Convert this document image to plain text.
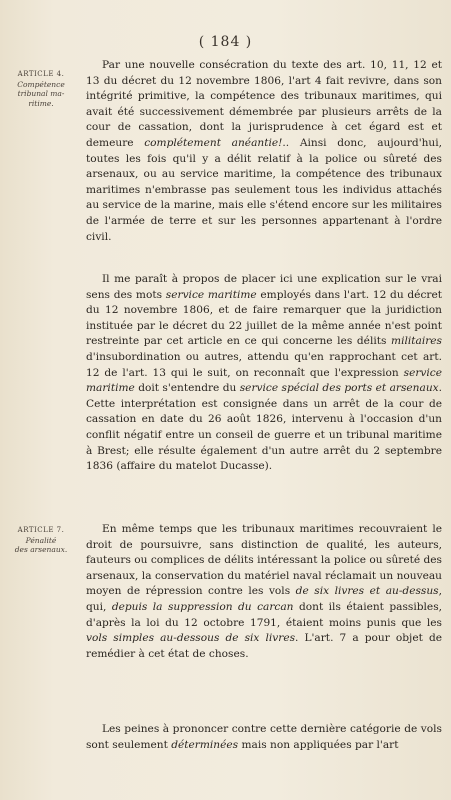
( 184 )
ARTICLE 4.
Compétence
tribunal ma-
ritime.
ARTICLE 7.
Pénalité
des arsenaux.

Par une nouvelle consécration du texte des art. 10, 11, 12 et 13 du décret du 12 novembre 1806, l'art 4 fait revivre, dans son intégrité primitive, la compétence des tribunaux maritimes, qui avait été successivement démembrée par plusieurs arrêts de la cour de cassation, dont la jurisprudence à cet égard est et demeure complétement anéantie!.. Ainsi donc, aujourd'hui, toutes les fois qu'il y a délit relatif à la police ou sûreté des arsenaux, ou au service maritime, la compétence des tribunaux maritimes n'embrasse pas seulement tous les individus attachés au service de la marine, mais elle s'étend encore sur les militaires de l'armée de terre et sur les personnes appartenant à l'ordre civil.

Il me paraît à propos de placer ici une explication sur le vrai sens des mots service maritime employés dans l'art. 12 du décret du 12 novembre 1806, et de faire remarquer que la juridiction instituée par le décret du 22 juillet de la même année n'est point restreinte par cet article en ce qui concerne les délits militaires d'insubordination ou autres, attendu qu'en rapprochant cet art. 12 de l'art. 13 qui le suit, on reconnaît que l'expression service maritime doit s'entendre du service spécial des ports et arsenaux. Cette interprétation est consignée dans un arrêt de la cour de cassation en date du 26 août 1826, intervenu à l'occasion d'un conflit négatif entre un conseil de guerre et un tribunal maritime à Brest; elle résulte également d'un autre arrêt du 2 septembre 1836 (affaire du matelot Ducasse).

En même temps que les tribunaux maritimes recouvraient le droit de poursuivre, sans distinction de qualité, les auteurs, fauteurs ou complices de délits intéressant la police ou sûreté des arsenaux, la conservation du matériel naval réclamait un nouveau moyen de répression contre les vols de six livres et au-dessus, qui, depuis la suppression du carcan dont ils étaient passibles, d'après la loi du 12 octobre 1791, étaient moins punis que les vols simples au-dessous de six livres. L'art. 7 a pour objet de remédier à cet état de choses.

Les peines à prononcer contre cette dernière catégorie de vols sont seulement déterminées mais non appliquées par l'art
